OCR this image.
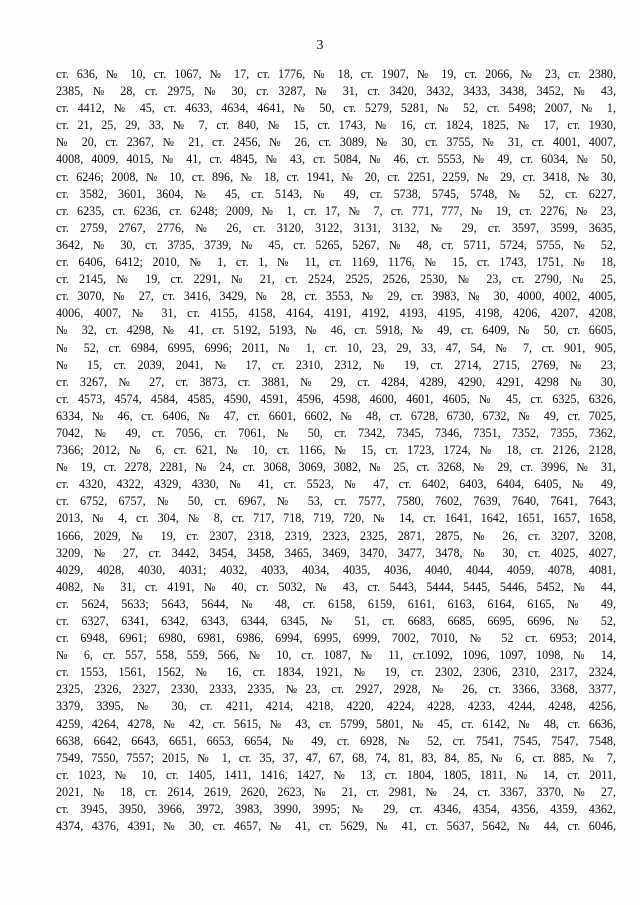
3
ст. 636, № 10, ст. 1067, № 17, ст. 1776, № 18, ст. 1907, № 19, ст. 2066, № 23, ст. 2380,
2385, № 28, ст. 2975, № 30, ст. 3287, № 31, ст. 3420, 3432, 3433, 3438, 3452, № 43,
ст. 4412, № 45, ст. 4633, 4634, 4641, № 50, ст. 5279, 5281, № 52, ст. 5498; 2007, № 1,
ст. 21, 25, 29, 33, № 7, ст. 840, № 15, ст. 1743, № 16, ст. 1824, 1825, № 17, ст. 1930,
№ 20, ст. 2367, № 21, ст. 2456, № 26, ст. 3089, № 30, ст. 3755, № 31, ст. 4001, 4007,
4008, 4009, 4015, № 41, ст. 4845, № 43, ст. 5084, № 46, ст. 5553, № 49, ст. 6034, № 50,
ст. 6246; 2008, № 10, ст. 896, № 18, ст. 1941, № 20, ст. 2251, 2259, № 29, ст. 3418, № 30,
ст. 3582, 3601, 3604, № 45, ст. 5143, № 49, ст. 5738, 5745, 5748, № 52, ст. 6227,
ст. 6235, ст. 6236, ст. 6248; 2009, № 1, ст. 17, № 7, ст. 771, 777, № 19, ст. 2276, № 23,
ст. 2759, 2767, 2776, № 26, ст. 3120, 3122, 3131, 3132, № 29, ст. 3597, 3599, 3635,
3642, № 30, ст. 3735, 3739, № 45, ст. 5265, 5267, № 48, ст. 5711, 5724, 5755, № 52,
ст. 6406, 6412; 2010, № 1, ст. 1, № 11, ст. 1169, 1176, № 15, ст. 1743, 1751, № 18,
ст. 2145, № 19, ст. 2291, № 21, ст. 2524, 2525, 2526, 2530, № 23, ст. 2790, № 25,
ст. 3070, № 27, ст. 3416, 3429, № 28, ст. 3553, № 29, ст. 3983, № 30, 4000, 4002, 4005,
4006, 4007, № 31, ст. 4155, 4158, 4164, 4191, 4192, 4193, 4195, 4198, 4206, 4207, 4208,
№ 32, ст. 4298, № 41, ст. 5192, 5193, № 46, ст. 5918, № 49, ст. 6409, № 50, ст. 6605,
№ 52, ст. 6984, 6995, 6996; 2011, № 1, ст. 10, 23, 29, 33, 47, 54, № 7, ст. 901, 905,
№ 15, ст. 2039, 2041, № 17, ст. 2310, 2312, № 19, ст. 2714, 2715, 2769, № 23,
ст. 3267, № 27, ст. 3873, ст. 3881, № 29, ст. 4284, 4289, 4290, 4291, 4298 № 30,
ст. 4573, 4574, 4584, 4585, 4590, 4591, 4596, 4598, 4600, 4601, 4605, № 45, ст. 6325, 6326,
6334, № 46, ст. 6406, № 47, ст. 6601, 6602, № 48, ст. 6728, 6730, 6732, № 49, ст. 7025,
7042, № 49, ст. 7056, ст. 7061, № 50, ст. 7342, 7345, 7346, 7351, 7352, 7355, 7362,
7366; 2012, № 6, ст. 621, № 10, ст. 1166, № 15, ст. 1723, 1724, № 18, ст. 2126, 2128,
№ 19, ст. 2278, 2281, № 24, ст. 3068, 3069, 3082, № 25, ст. 3268, № 29, ст. 3996, № 31,
ст. 4320, 4322, 4329, 4330, № 41, ст. 5523, № 47, ст. 6402, 6403, 6404, 6405, № 49,
ст. 6752, 6757, № 50, ст. 6967, № 53, ст. 7577, 7580, 7602, 7639, 7640, 7641, 7643,
2013, № 4, ст. 304, № 8, ст. 717, 718, 719, 720, № 14, ст. 1641, 1642, 1651, 1657, 1658,
1666, 2029, № 19, ст. 2307, 2318, 2319, 2323, 2325, 2871, 2875, № 26, ст. 3207, 3208,
3209, № 27, ст. 3442, 3454, 3458, 3465, 3469, 3470, 3477, 3478, № 30, ст. 4025, 4027,
4029, 4028, 4030, 4031; 4032, 4033, 4034, 4035, 4036, 4040, 4044, 4059, 4078, 4081,
4082, № 31, ст. 4191, № 40, ст. 5032, № 43, ст. 5443, 5444, 5445, 5446, 5452, № 44,
ст. 5624, 5633; 5643, 5644, № 48, ст. 6158, 6159, 6161, 6163, 6164, 6165, № 49,
ст. 6327, 6341, 6342, 6343, 6344, 6345, № 51, ст. 6683, 6685, 6695, 6696, № 52,
ст. 6948, 6961; 6980, 6981, 6986, 6994, 6995, 6999, 7002, 7010, № 52 ст. 6953; 2014,
№ 6, ст. 557, 558, 559, 566, № 10, ст. 1087, № 11, ст.1092, 1096, 1097, 1098, № 14,
ст. 1553, 1561, 1562, № 16, ст. 1834, 1921, № 19, ст. 2302, 2306, 2310, 2317, 2324,
2325, 2326, 2327, 2330, 2333, 2335, №23, ст. 2927, 2928, № 26, ст. 3366, 3368, 3377,
3379, 3395, № 30, ст. 4211, 4214, 4218, 4220, 4224, 4228, 4233, 4244, 4248, 4256,
4259, 4264, 4278, № 42, ст. 5615, № 43, ст. 5799, 5801, № 45, ст. 6142, № 48, ст. 6636,
6638, 6642, 6643, 6651, 6653, 6654, № 49, ст. 6928, № 52, ст. 7541, 7545, 7547, 7548,
7549, 7550, 7557; 2015, № 1, ст. 35, 37, 47, 67, 68, 74, 81, 83, 84, 85, № 6, ст. 885, № 7,
ст. 1023, № 10, ст. 1405, 1411, 1416, 1427, № 13, ст. 1804, 1805, 1811, № 14, ст. 2011,
2021, № 18, ст. 2614, 2619, 2620, 2623, № 21, ст. 2981, № 24, ст. 3367, 3370, № 27,
ст. 3945, 3950, 3966, 3972, 3983, 3990, 3995; № 29, ст. 4346, 4354, 4356, 4359, 4362,
4374, 4376, 4391, № 30, ст. 4657, № 41, ст. 5629, № 41, ст. 5637, 5642, № 44, ст. 6046,
